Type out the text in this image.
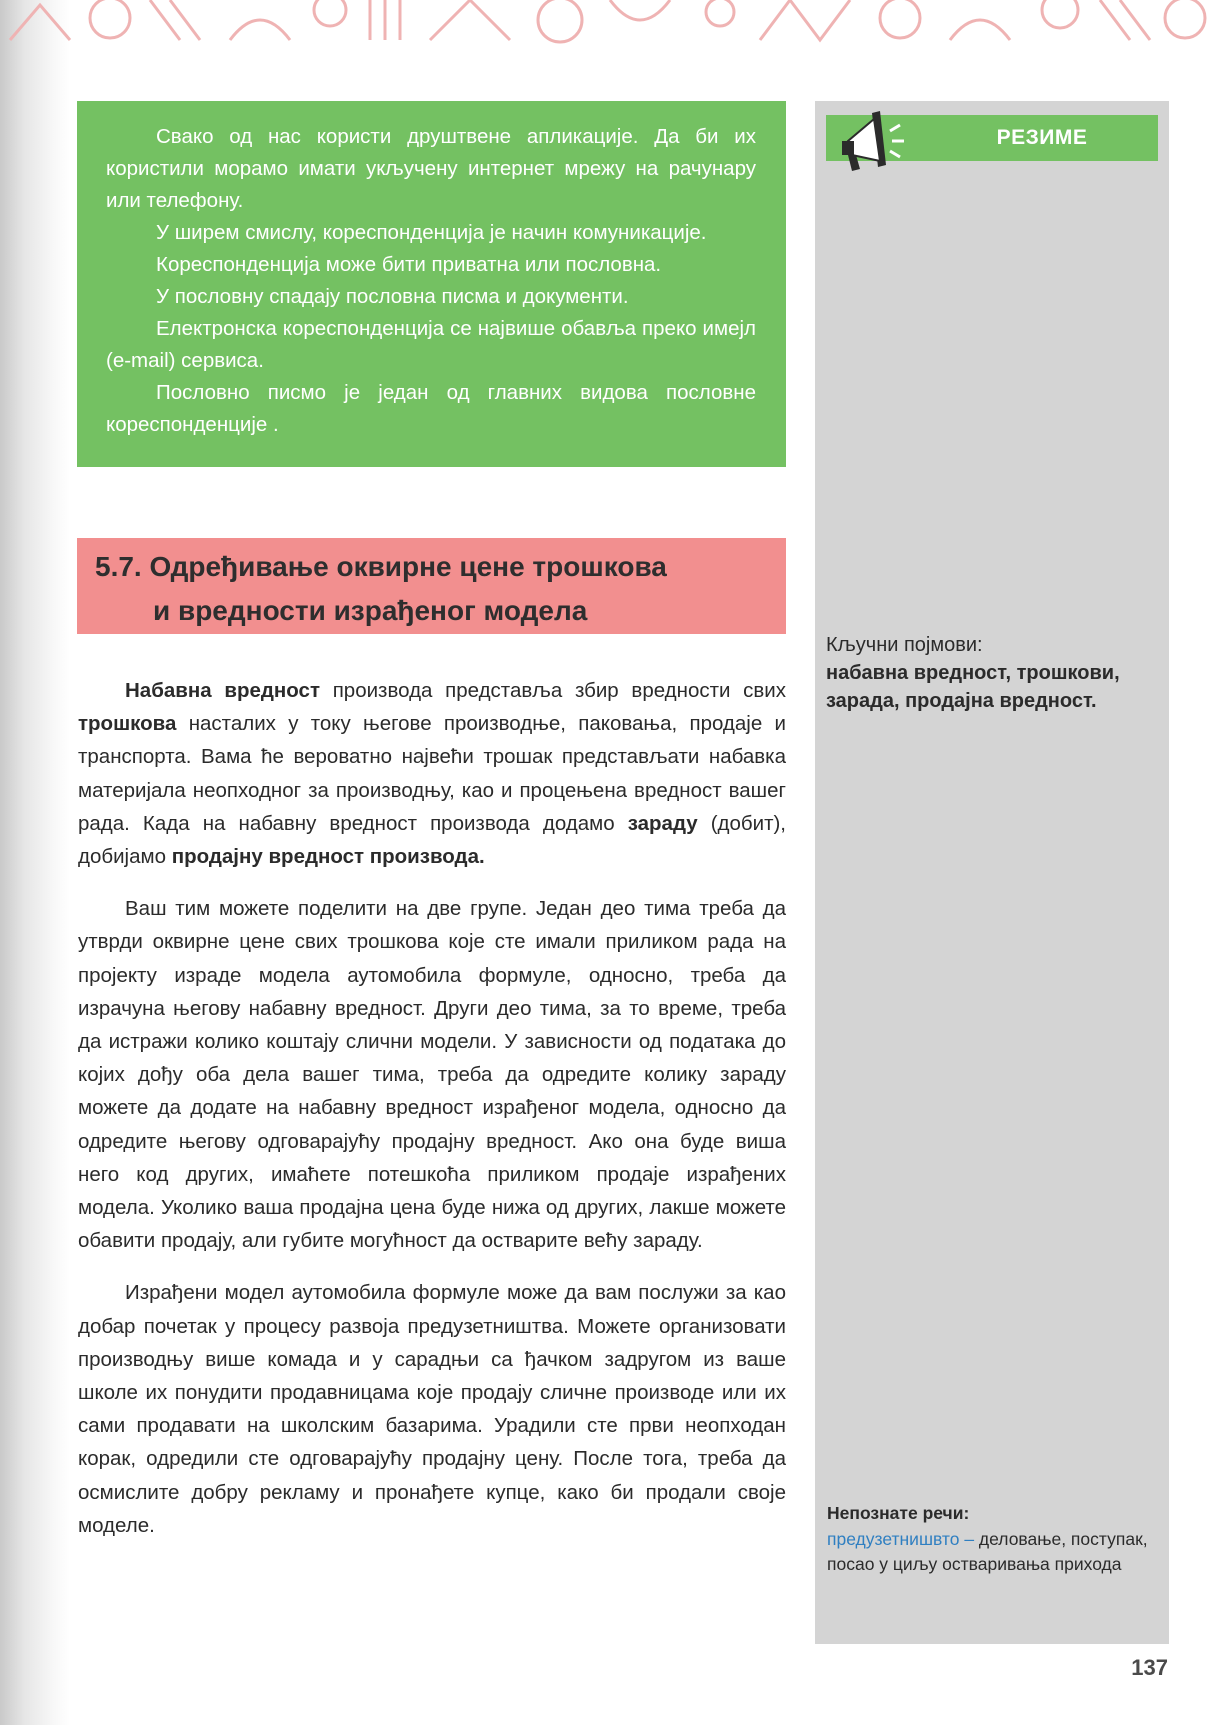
Свако од нас користи друштвене апликације. Да би их користили морамо имати укључену интернет мрежу на рачунару или телефону.

У ширем смислу, кореспонденција је начин комуникације.

Кореспонденција може бити приватна или пословна.

У пословну спадају пословна писма и документи.

Електронска кореспонденција се највише обавља преко имејл (е-mail) сервиса.

Пословно писмо је један од главних видова пословне кореспонденције .

5.7. Одређивање оквирне цене трошкова
и вредности израђеног модела

Набавна вредност производа представља збир вредности свих трошкова насталих у току његове производње, паковања, продаје и транспорта. Вама ће вероватно највећи трошак представљати набавка материјала неопходног за производњу, као и процењена вредност вашег рада. Када на набавну вредност производа додамо зараду (добит), добијамо продајну вредност производа.

Ваш тим можете поделити на две групе. Један део тима треба да утврди оквирне цене свих трошкова које сте имали приликом рада на пројекту израде модела аутомобила формуле, односно, треба да израчуна његову набавну вредност. Други део тима, за то време, треба да истражи колико коштају слични модели. У зависности од података до којих дођу оба дела вашег тима, треба да одредите колику зараду можете да додате на набавну вредност израђеног модела, односно да одредите његову одговарајућу продајну вредност. Ако она буде виша него код других, имаћете потешкоћа приликом продаје израђених модела. Уколико ваша продајна цена буде нижа од других, лакше можете обавити продају, али губите могућност да остварите већу зараду.

Израђени модел аутомобила формуле може да вам послужи за као добар почетак у процесу развоја предузетништва. Можете организовати производњу више комада и у сарадњи са ђачком задругом из ваше школе их понудити продавницама које продају сличне производе или их сами продавати на школским базарима. Урадили сте први неопходан корак, одредили сте одговарајућу продајну цену. После тога, треба да осмислите добру рекламу и пронађете купце, како би продали своје моделе.

РЕЗИМЕ
Кључни појмови:
набавна вредност, трошкови, зарада, продајна вредност.
Непознате речи:
предузетнишвто – деловање, поступак, посао у циљу остваривања прихода
137
